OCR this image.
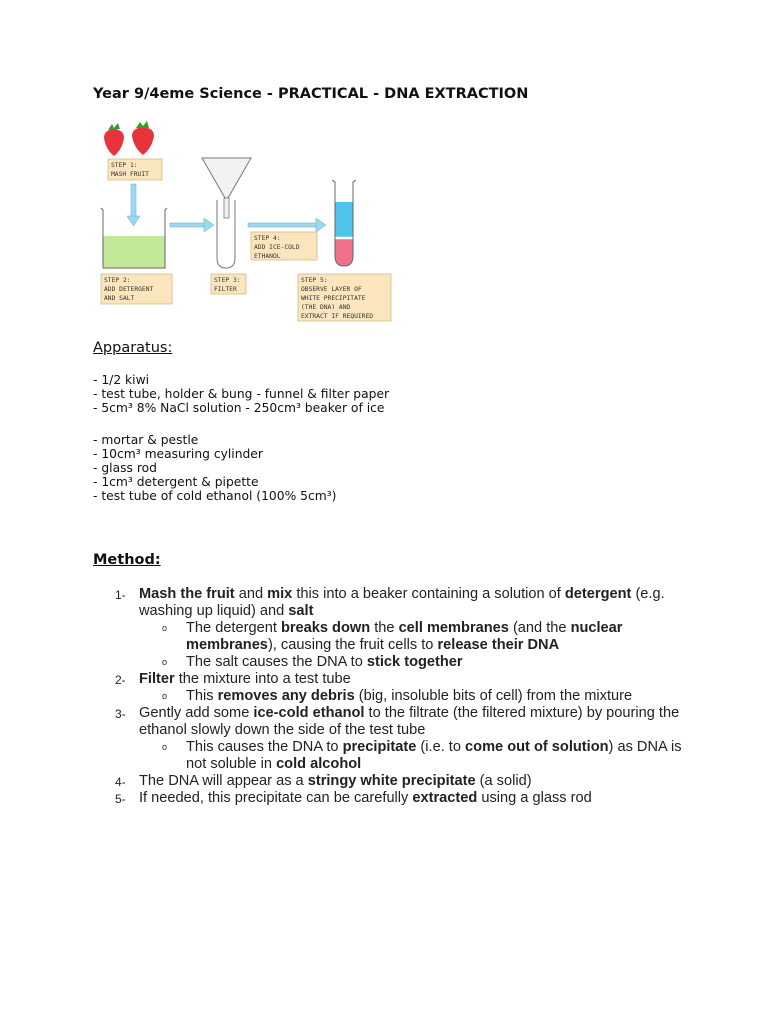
Year 9/4eme Science - PRACTICAL - DNA EXTRACTION
STEP 1:
MASH FRUIT
STEP 2:
ADD DETERGENT
AND SALT
STEP 3:
FILTER
STEP 4:
ADD ICE-COLD
ETHANOL
STEP 5:
OBSERVE LAYER OF
WHITE PRECIPITATE
(THE DNA) AND
EXTRACT IF REQUIRED
Apparatus:
- 1/2 kiwi
- test tube, holder & bung - funnel & filter paper
- 5cm³ 8% NaCl solution - 250cm³ beaker of ice
- mortar & pestle
- 10cm³ measuring cylinder
- glass rod
- 1cm³ detergent & pipette
- test tube of cold ethanol (100% 5cm³)
Method:
1- Mash the fruit and mix this into a beaker containing a solution of detergent (e.g. washing up liquid) and salt
o The detergent breaks down the cell membranes (and the nuclear membranes), causing the fruit cells to release their DNA
o The salt causes the DNA to stick together
2- Filter the mixture into a test tube
o This removes any debris (big, insoluble bits of cell) from the mixture
3- Gently add some ice-cold ethanol to the filtrate (the filtered mixture) by pouring the ethanol slowly down the side of the test tube
o This causes the DNA to precipitate (i.e. to come out of solution) as DNA is not soluble in cold alcohol
4- The DNA will appear as a stringy white precipitate (a solid)
5- If needed, this precipitate can be carefully extracted using a glass rod
